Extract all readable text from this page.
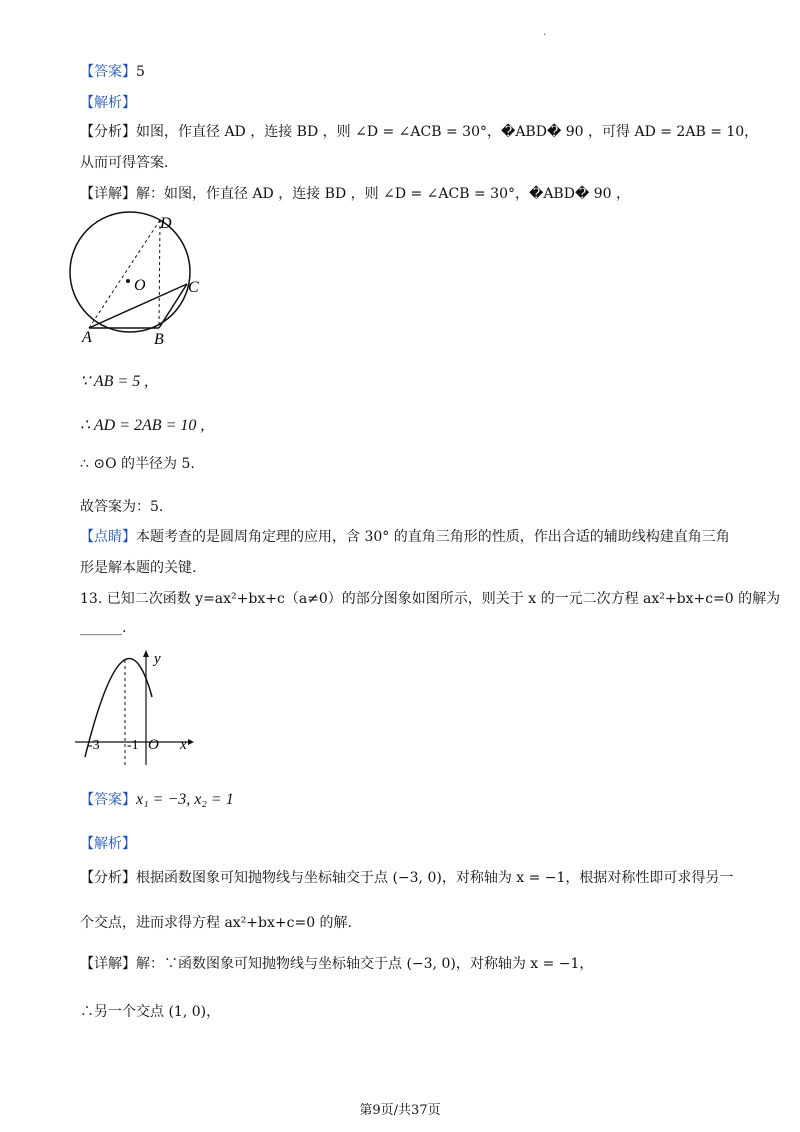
·
【答案】5
【解析】
【分析】如图，作直径 AD ，连接 BD ，则 ∠D = ∠ACB = 30°，�ABD� 90 ，可得 AD = 2AB = 10，
从而可得答案.
【详解】解：如图，作直径 AD ，连接 BD ，则 ∠D = ∠ACB = 30°，�ABD� 90 ，
D
O	C
A	B
∵ AB = 5 ,
∴ AD = 2AB = 10 ,
∴ ⊙O 的半径为 5.
故答案为：5.
【点睛】本题考查的是圆周角定理的应用，含 30° 的直角三角形的性质，作出合适的辅助线构建直角三角
形是解本题的关键.
13. 已知二次函数 y=ax²+bx+c（a≠0）的部分图象如图所示，则关于 x 的一元二次方程 ax²+bx+c=0 的解为
______.
y
x
-3 -1 O
【答案】x₁ = −3, x₂ = 1
【解析】
【分析】根据函数图象可知抛物线与坐标轴交于点 (−3, 0)，对称轴为 x = −1，根据对称性即可求得另一
个交点，进而求得方程 ax²+bx+c=0 的解.
【详解】解：∵函数图象可知抛物线与坐标轴交于点 (−3, 0)，对称轴为 x = −1，
∴另一个交点 (1, 0)，
第9页/共37页
